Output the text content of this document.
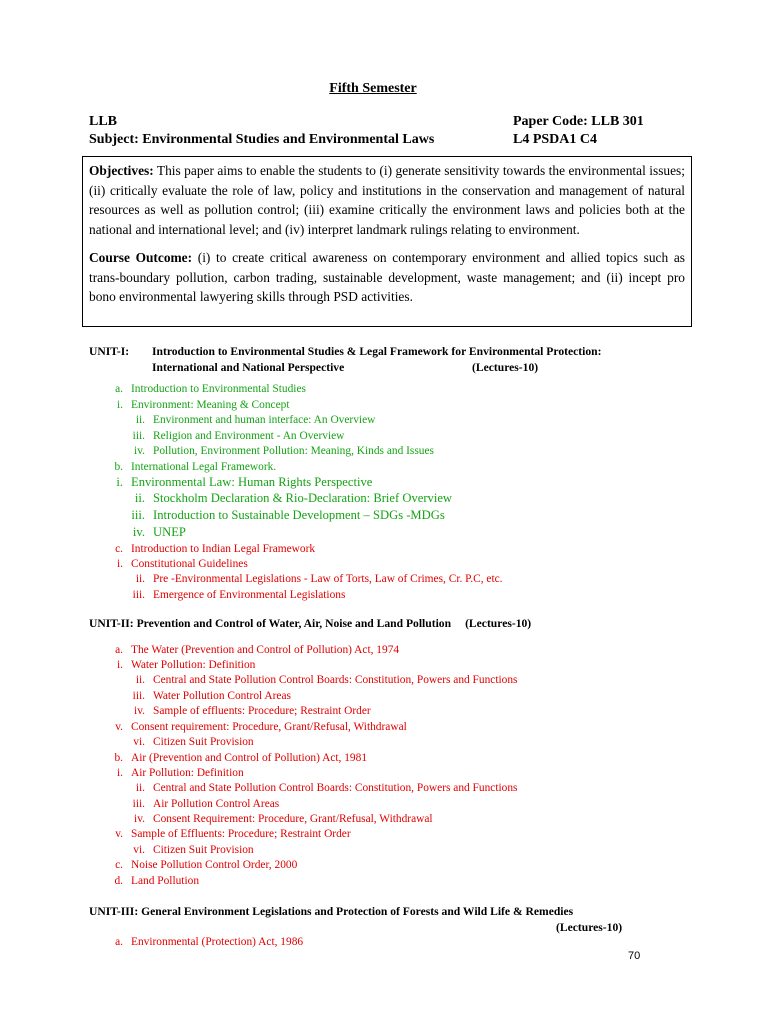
Fifth Semester
LLB	Paper Code: LLB 301
Subject: Environmental Studies and Environmental Laws	L4 PSDA1 C4

Objectives: This paper aims to enable the students to (i) generate sensitivity towards the environmental issues;(ii) critically evaluate the role of law, policy and institutions in the conservation and management of natural resources as well as pollution control; (iii) examine critically the environment laws and policies both at the national and international level; and (iv) interpret landmark rulings relating to environment.

Course Outcome: (i) to create critical awareness on contemporary environment and allied topics such as trans-boundary pollution, carbon trading, sustainable development, waste management; and (ii) incept pro bono environmental lawyering skills through PSD activities.

UNIT-I:	Introduction to Environmental Studies & Legal Framework for Environmental Protection:
International and National Perspective	(Lectures-10)
a. Introduction to Environmental Studies
i. Environment: Meaning & Concept
ii. Environment and human interface: An Overview
iii. Religion and Environment - An Overview
iv. Pollution, Environment Pollution: Meaning, Kinds and Issues
b. International Legal Framework.
i. Environmental Law: Human Rights Perspective
ii. Stockholm Declaration & Rio-Declaration: Brief Overview
iii. Introduction to Sustainable Development – SDGs -MDGs
iv. UNEP
c. Introduction to Indian Legal Framework
i. Constitutional Guidelines
ii. Pre -Environmental Legislations - Law of Torts, Law of Crimes, Cr. P.C, etc.
iii. Emergence of Environmental Legislations
UNIT-II:
Prevention and Control of Water, Air, Noise and Land Pollution (Lectures-10)
a. The Water (Prevention and Control of Pollution) Act, 1974
i. Water Pollution: Definition
ii. Central and State Pollution Control Boards: Constitution, Powers and Functions
iii. Water Pollution Control Areas
iv. Sample of effluents: Procedure; Restraint Order
v. Consent requirement: Procedure, Grant/Refusal, Withdrawal
vi. Citizen Suit Provision
b. Air (Prevention and Control of Pollution) Act, 1981
i. Air Pollution: Definition
ii. Central and State Pollution Control Boards: Constitution, Powers and Functions
iii. Air Pollution Control Areas
iv. Consent Requirement: Procedure, Grant/Refusal, Withdrawal
v. Sample of Effluents: Procedure; Restraint Order
vi. Citizen Suit Provision
c. Noise Pollution Control Order, 2000
d. Land Pollution
UNIT-III:
General Environment Legislations and Protection of Forests and Wild Life & Remedies
(Lectures-10)
a. Environmental (Protection) Act, 1986
70
